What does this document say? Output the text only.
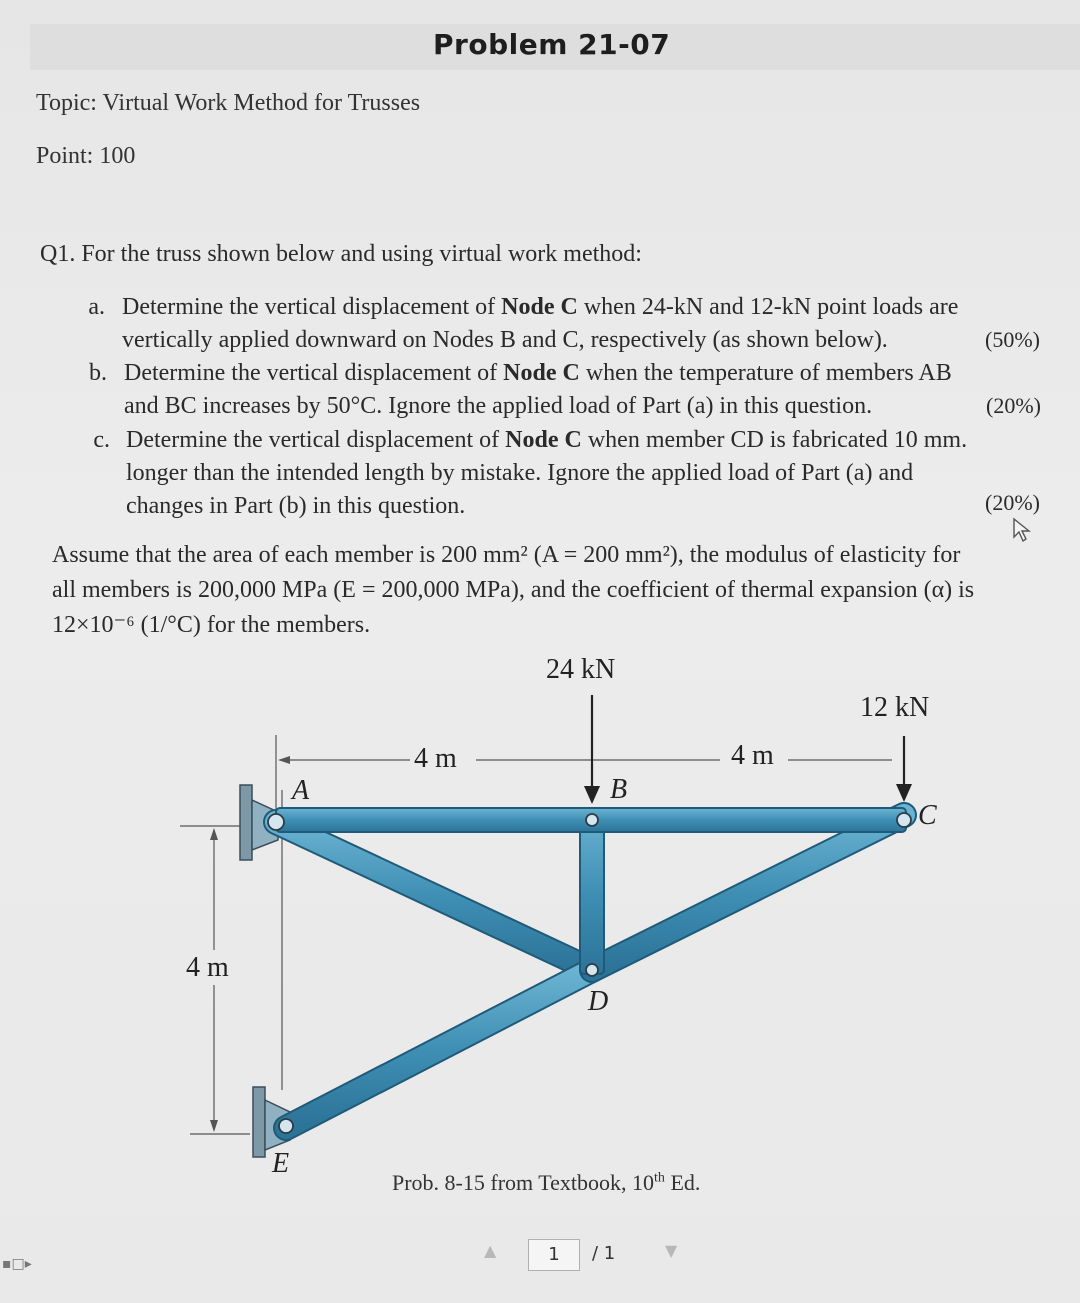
Problem 21-07
Topic: Virtual Work Method for Trusses
Point: 100
Q1. For the truss shown below and using virtual work method:
a. Determine the vertical displacement of Node C when 24-kN and 12-kN point loads are
vertically applied downward on Nodes B and C, respectively (as shown below).	(50%)
b. Determine the vertical displacement of Node C when the temperature of members AB
and BC increases by 50°C. Ignore the applied load of Part (a) in this question.	(20%)
c. Determine the vertical displacement of Node C when member CD is fabricated 10 mm.
longer than the intended length by mistake. Ignore the applied load of Part (a) and
changes in Part (b) in this question.	(20%)
Assume that the area of each member is 200 mm² (A = 200 mm²), the modulus of elasticity for
all members is 200,000 MPa (E = 200,000 MPa), and the coefficient of thermal expansion (α) is
12×10⁻⁶ (1/°C) for the members.
24 kN
12 kN
4 m	4 m
4 m
A	B
C
D
E
Prob. 8-15 from Textbook, 10th Ed.
▲	1	/ 1	▼
▪□▸
